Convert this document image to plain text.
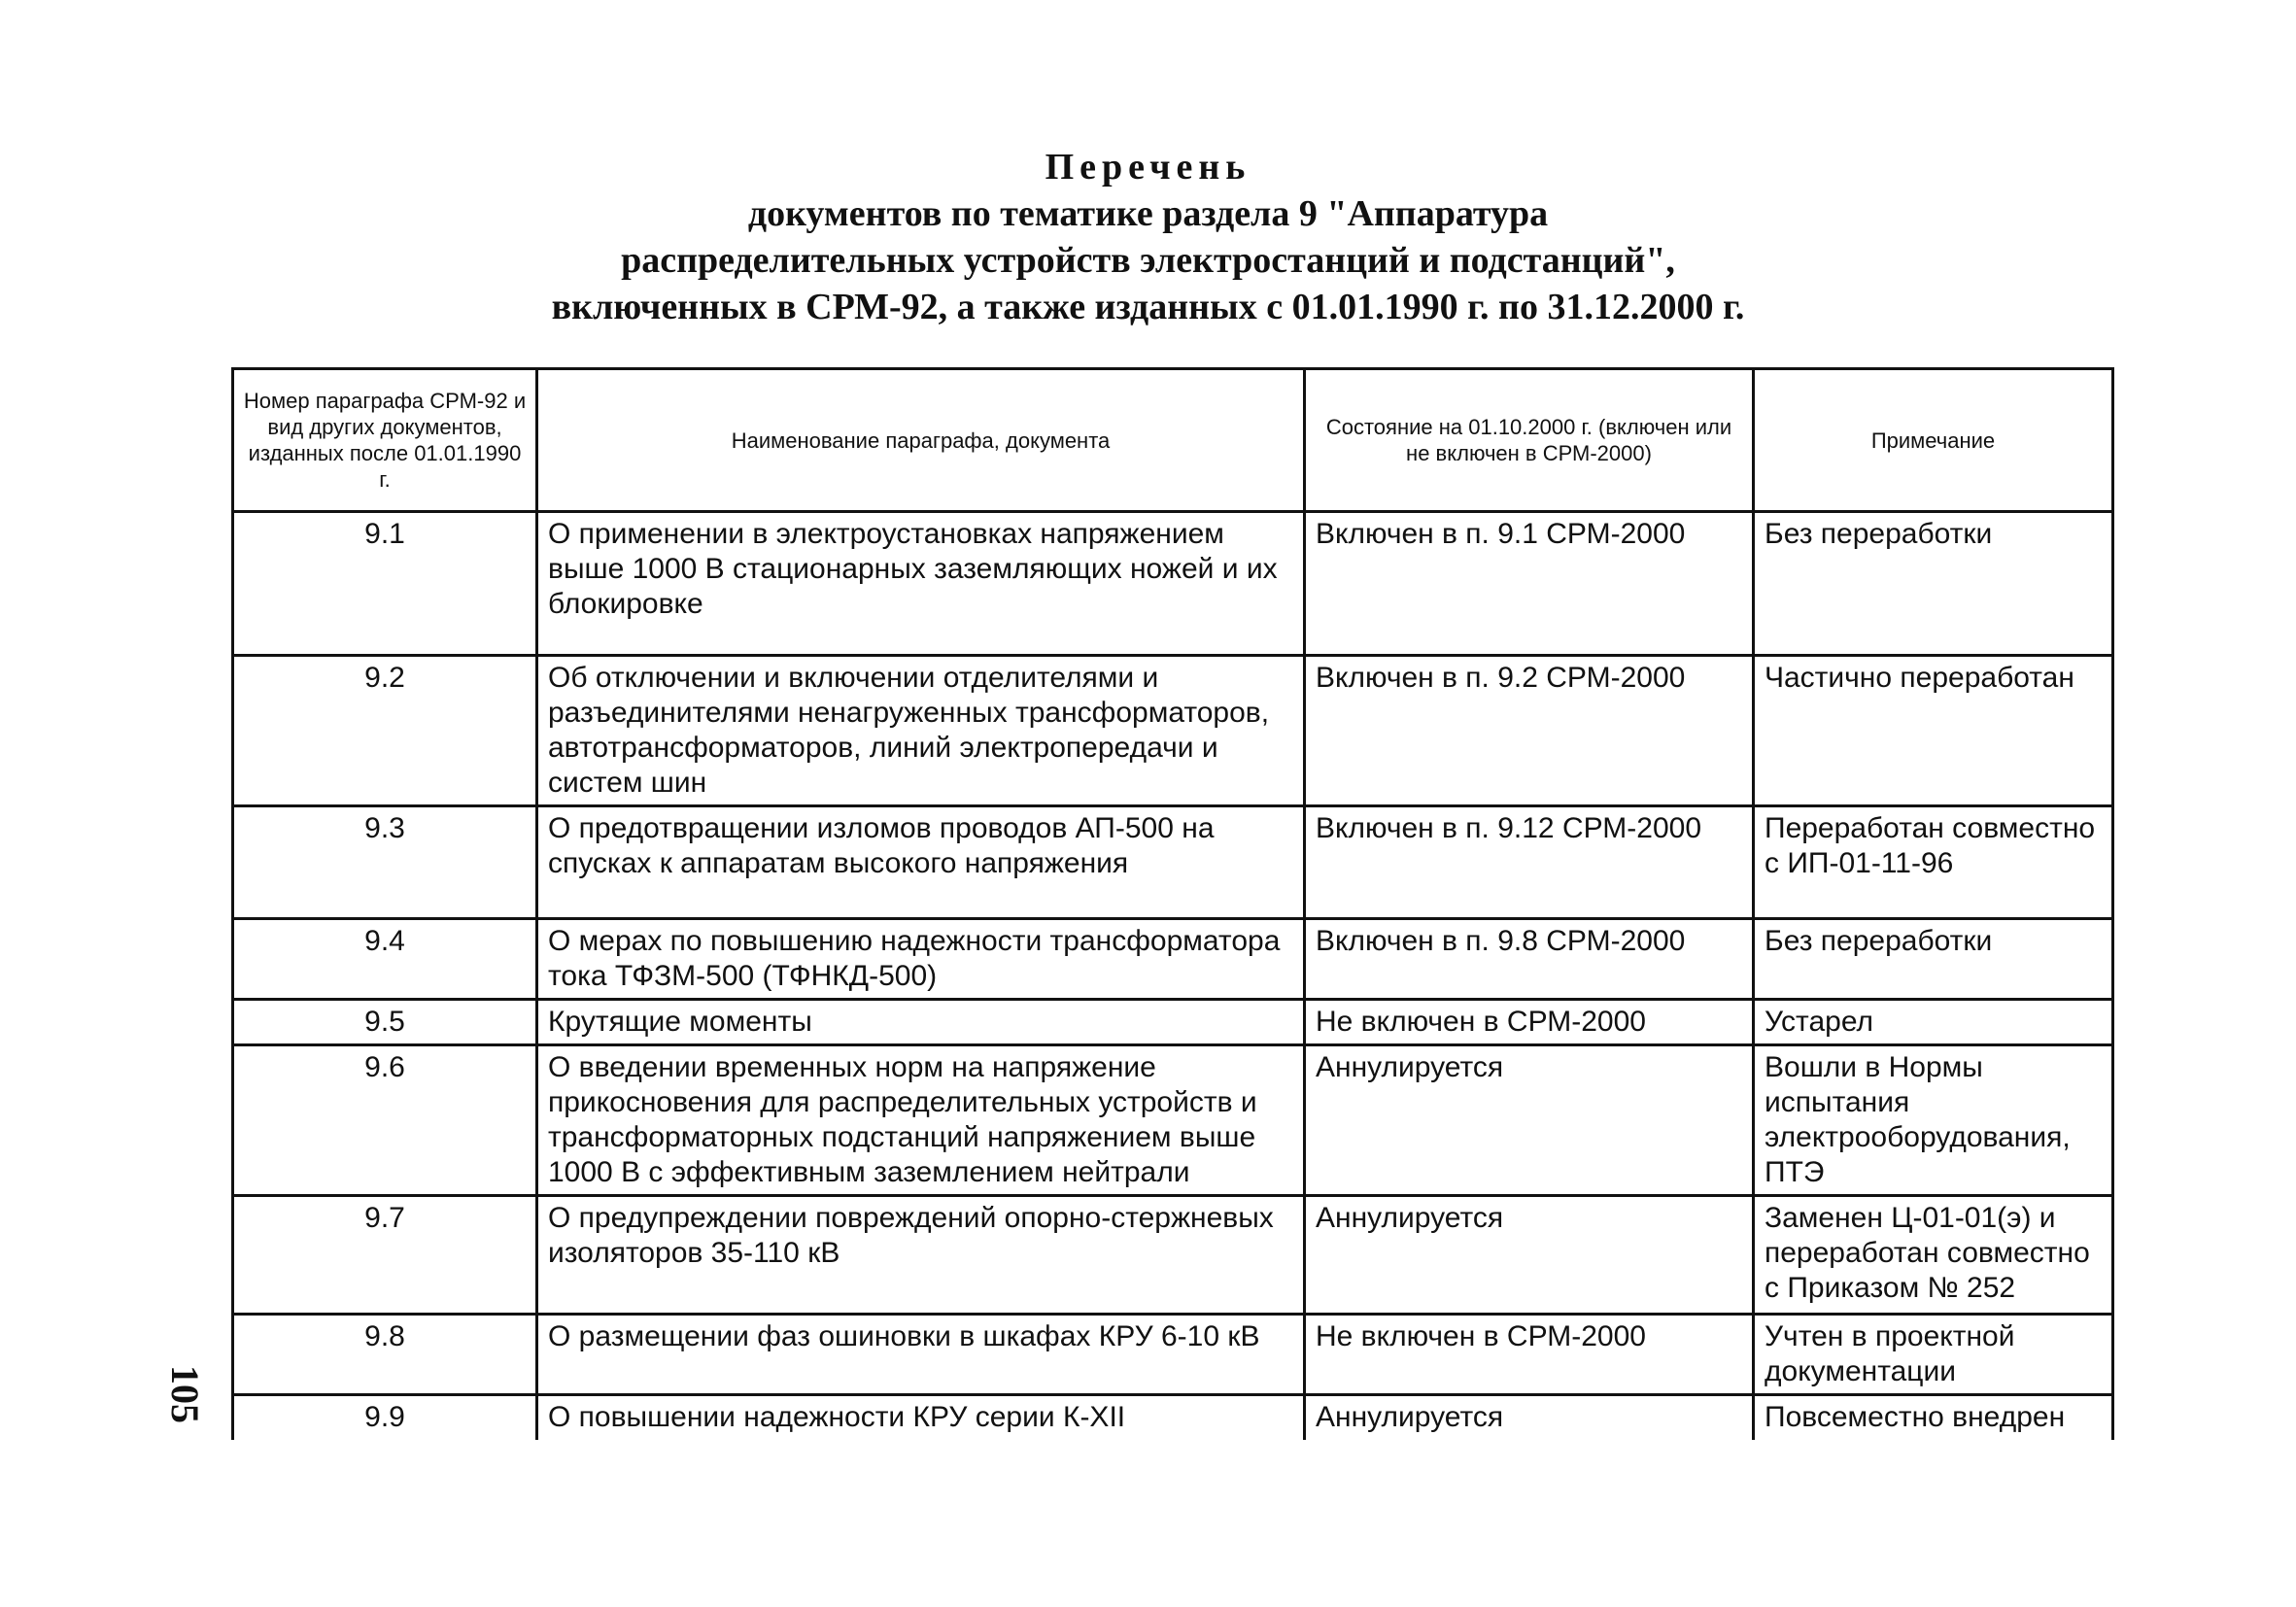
Перечень
документов по тематике раздела 9 "Аппаратура
распределительных устройств электростанций и подстанций",
включенных в СРМ-92, а также изданных с 01.01.1990 г. по 31.12.2000 г.
Номер параграфа СРМ-92 и вид других документов, изданных после 01.01.1990 г.	Наименование параграфа, документа	Состояние на 01.10.2000 г. (включен или не включен в СРМ-2000)	Примечание
9.1	О применении в электроустановках напряжением выше 1000 В стационарных заземляющих ножей и их блокировке	Включен в п. 9.1 СРМ-2000	Без переработки
9.2	Об отключении и включении отделителями и разъединителями ненагруженных трансформаторов, автотрансформаторов, линий электропередачи и систем шин	Включен в п. 9.2 СРМ-2000	Частично переработан
9.3	О предотвращении изломов проводов АП-500 на спусках к аппаратам высокого напряжения	Включен в п. 9.12 СРМ-2000	Переработан совместно с ИП-01-11-96
9.4	О мерах по повышению надежности трансформатора тока ТФЗМ-500 (ТФНКД-500)	Включен в п. 9.8 СРМ-2000	Без переработки
9.5	Крутящие моменты	Не включен в СРМ-2000	Устарел
9.6	О введении временных норм на напряжение прикосновения для распределительных устройств и трансформаторных подстанций напряжением выше 1000 В с эффективным заземлением нейтрали	Аннулируется	Вошли в Нормы испытания электрооборудования, ПТЭ
9.7	О предупреждении повреждений опорно-стержневых изоляторов 35-110 кВ	Аннулируется	Заменен Ц-01-01(э) и переработан совместно с Приказом № 252
9.8	О размещении фаз ошиновки в шкафах КРУ 6-10 кВ	Не включен в СРМ-2000	Учтен в проектной документации
9.9	О повышении надежности КРУ серии К-XII	Аннулируется	Повсеместно внедрен
105
